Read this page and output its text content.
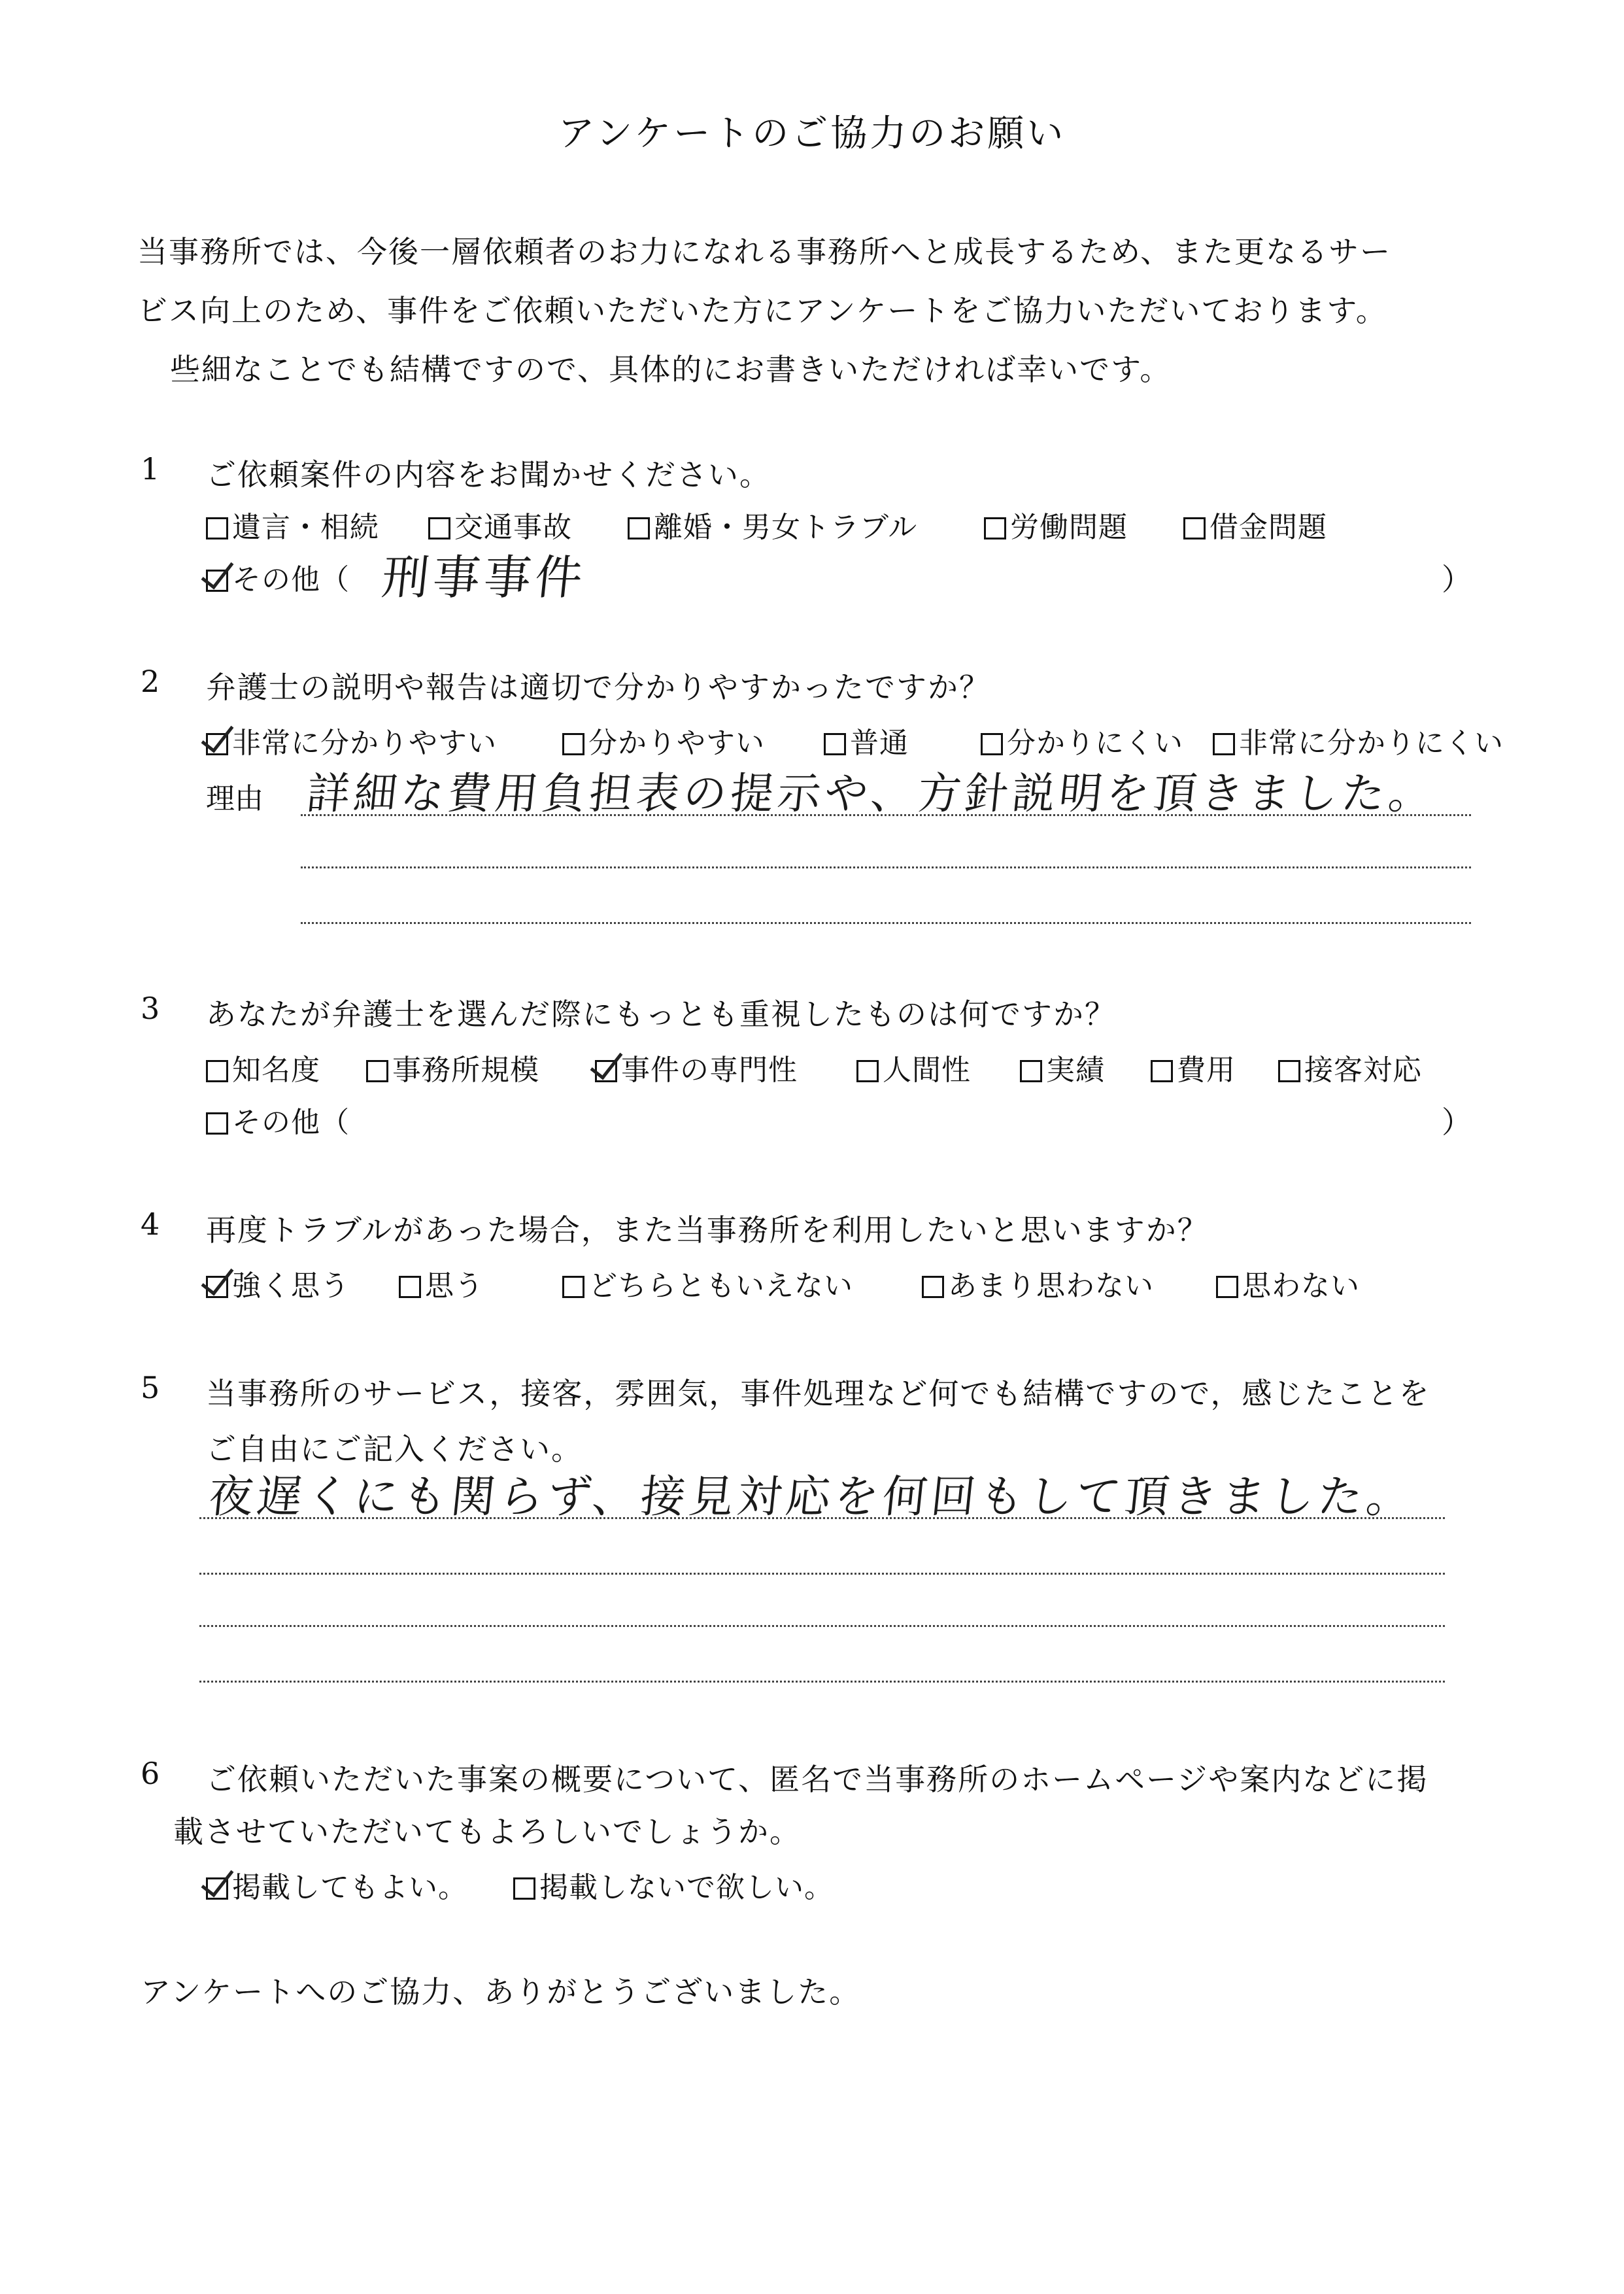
アンケートのご協力のお願い
当事務所では、今後一層依頼者のお力になれる事務所へと成長するため、また更なるサー
ビス向上のため、事件をご依頼いただいた方にアンケートをご協力いただいております。
些細なことでも結構ですので、具体的にお書きいただければ幸いです。
1 ご依頼案件の内容をお聞かせください。
遺言・相続	交通事故	離婚・男女トラブル	労働問題	借金問題
その他（ 刑事事件	）
2 弁護士の説明や報告は適切で分かりやすかったですか？
非常に分かりやすい	分かりやすい	普通	分かりにくい	非常に分かりにくい
理由 詳細な費用負担表の提示や、方針説明を頂きました。
3 あなたが弁護士を選んだ際にもっとも重視したものは何ですか？
知名度	事務所規模	事件の専門性	人間性	実績	費用	接客対応
その他（	）
4 再度トラブルがあった場合，また当事務所を利用したいと思いますか？
強く思う	思う	どちらともいえない	あまり思わない	思わない
5 当事務所のサービス，接客，雰囲気，事件処理など何でも結構ですので，感じたことを
ご自由にご記入ください。
夜遅くにも関らず、接見対応を何回もして頂きました。
6 ご依頼いただいた事案の概要について、匿名で当事務所のホームページや案内などに掲
載させていただいてもよろしいでしょうか。
掲載してもよい。	掲載しないで欲しい。
アンケートへのご協力、ありがとうございました。
